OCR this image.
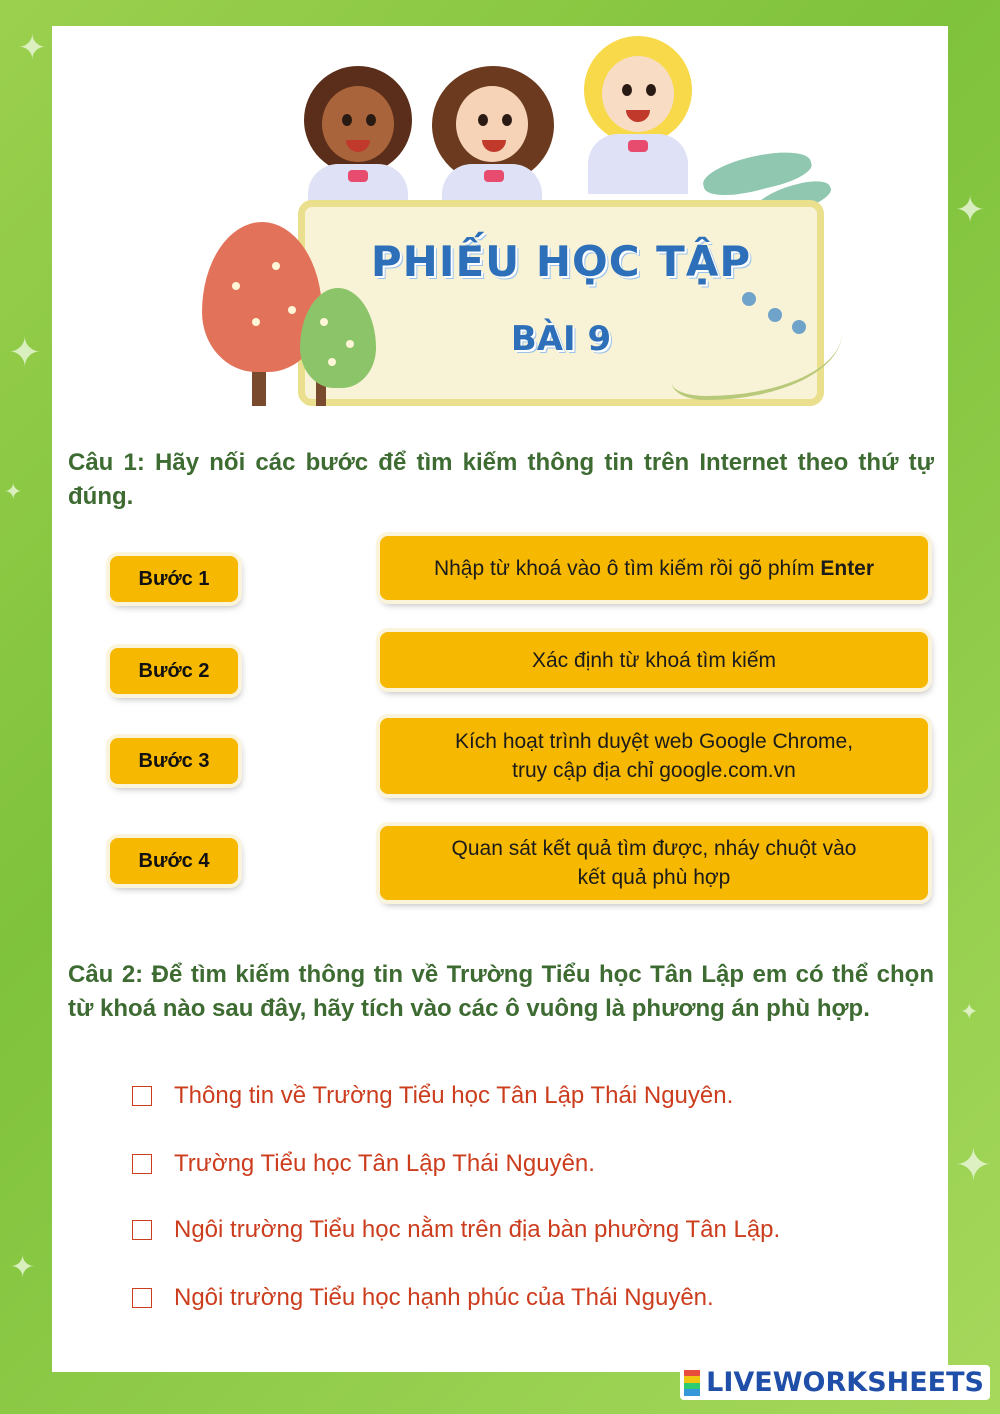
✦
✦
✦
✦
✦
✦
✦
PHIẾU HỌC TẬP
BÀI 9
Câu 1: Hãy nối các bước để tìm kiếm thông tin trên Internet theo thứ tự đúng.
Bước 1
Bước 2
Bước 3
Bước 4
Nhập từ khoá vào ô tìm kiếm rồi gõ phím Enter
Xác định từ khoá tìm kiếm
Kích hoạt trình duyệt web Google Chrome,
truy cập địa chỉ google.com.vn
Quan sát kết quả tìm được, nháy chuột vào
kết quả phù hợp
Câu 2: Để tìm kiếm thông tin về Trường Tiểu học Tân Lập em có thể chọn từ khoá nào sau đây, hãy tích vào các ô vuông là phương án phù hợp.
Thông tin về Trường Tiểu học Tân Lập Thái Nguyên.
Trường Tiểu học Tân Lập Thái Nguyên.
Ngôi trường Tiểu học nằm trên địa bàn phường Tân Lập.
Ngôi trường Tiểu học hạnh phúc của Thái Nguyên.
LIVEWORKSHEETS
